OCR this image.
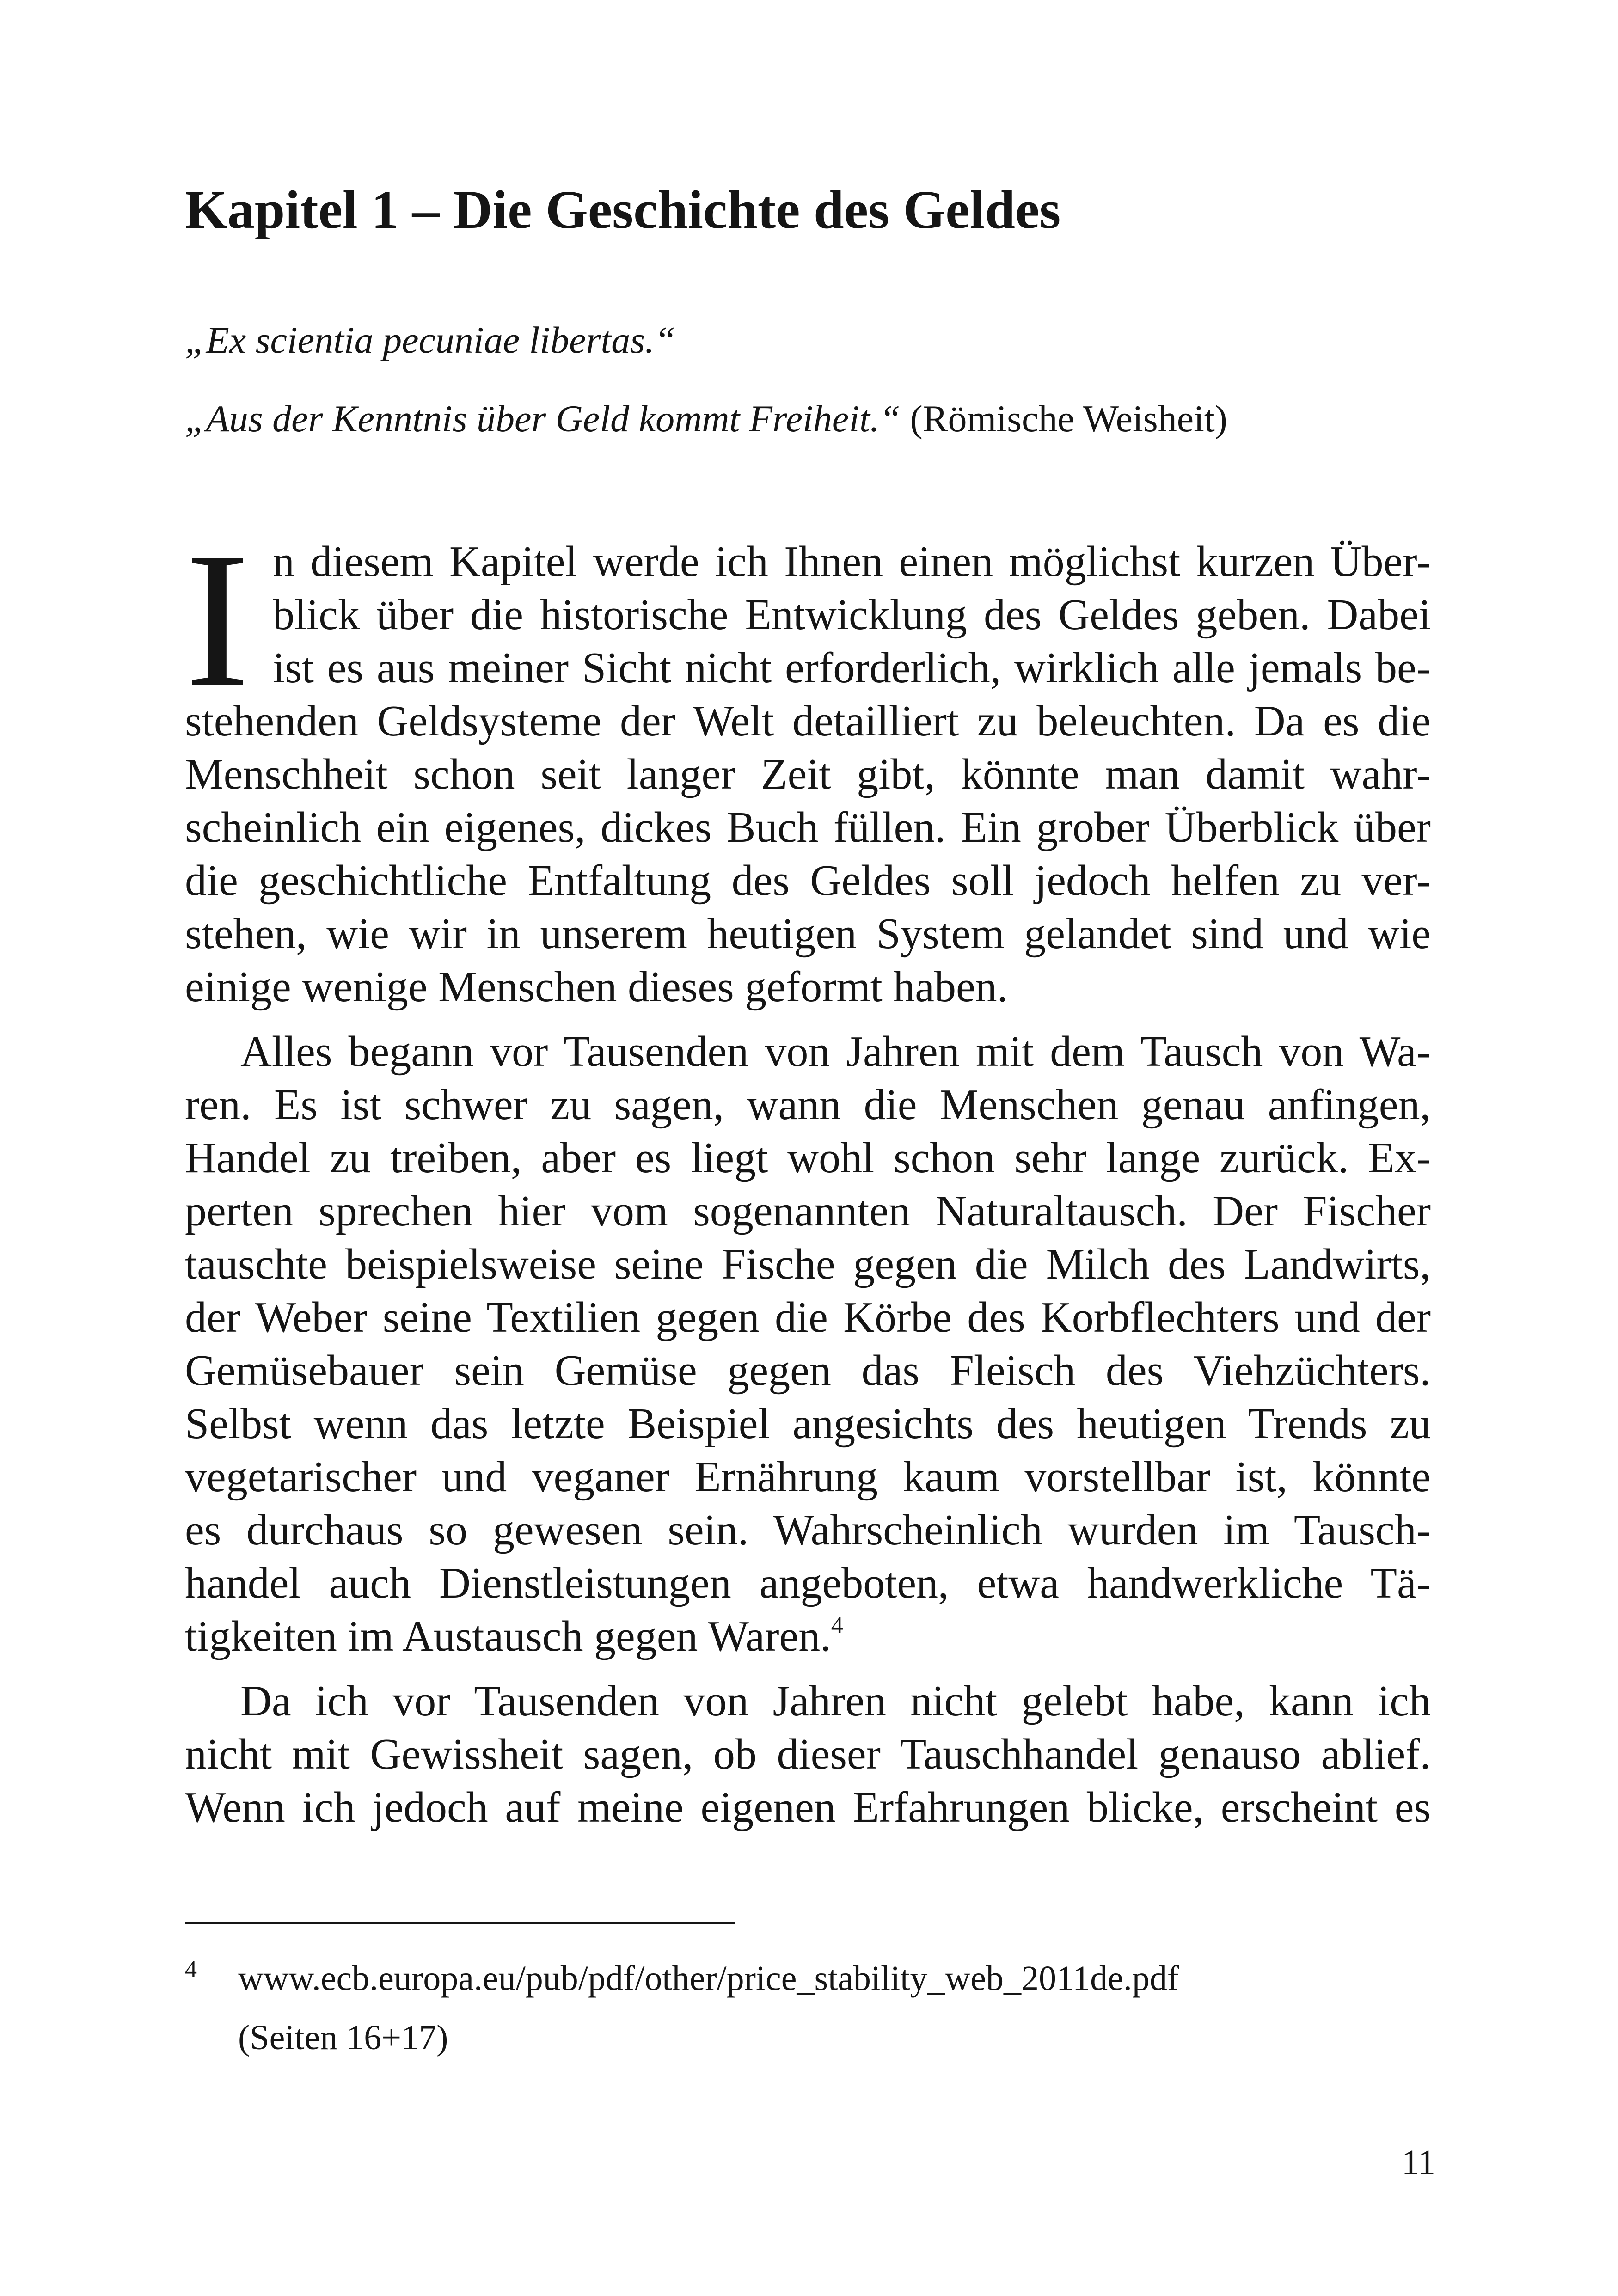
Kapitel 1 – Die Geschichte des Geldes
„Ex scientia pecuniae libertas.“
„Aus der Kenntnis über Geld kommt Freiheit.“ (Römische Weisheit)
I n diesem Kapitel werde ich Ihnen einen möglichst kurzen Über-
blick über die historische Entwicklung des Geldes geben. Dabei
ist es aus meiner Sicht nicht erforderlich, wirklich alle jemals be-
stehenden Geldsysteme der Welt detailliert zu beleuchten. Da es die
Menschheit schon seit langer Zeit gibt, könnte man damit wahr-
scheinlich ein eigenes, dickes Buch füllen. Ein grober Überblick über
die geschichtliche Entfaltung des Geldes soll jedoch helfen zu ver-
stehen, wie wir in unserem heutigen System gelandet sind und wie
einige wenige Menschen dieses geformt haben.
Alles begann vor Tausenden von Jahren mit dem Tausch von Wa-
ren. Es ist schwer zu sagen, wann die Menschen genau anfingen,
Handel zu treiben, aber es liegt wohl schon sehr lange zurück. Ex-
perten sprechen hier vom sogenannten Naturaltausch. Der Fischer
tauschte beispielsweise seine Fische gegen die Milch des Landwirts,
der Weber seine Textilien gegen die Körbe des Korbflechters und der
Gemüsebauer sein Gemüse gegen das Fleisch des Viehzüchters.
Selbst wenn das letzte Beispiel angesichts des heutigen Trends zu
vegetarischer und veganer Ernährung kaum vorstellbar ist, könnte
es durchaus so gewesen sein. Wahrscheinlich wurden im Tausch-
handel auch Dienstleistungen angeboten, etwa handwerkliche Tä-
tigkeiten im Austausch gegen Waren.$^4$
Da ich vor Tausenden von Jahren nicht gelebt habe, kann ich
nicht mit Gewissheit sagen, ob dieser Tauschhandel genauso ablief.
Wenn ich jedoch auf meine eigenen Erfahrungen blicke, erscheint es
4 www.ecb.europa.eu/pub/pdf/other/price_stability_web_2011de.pdf
(Seiten 16+17)
11
